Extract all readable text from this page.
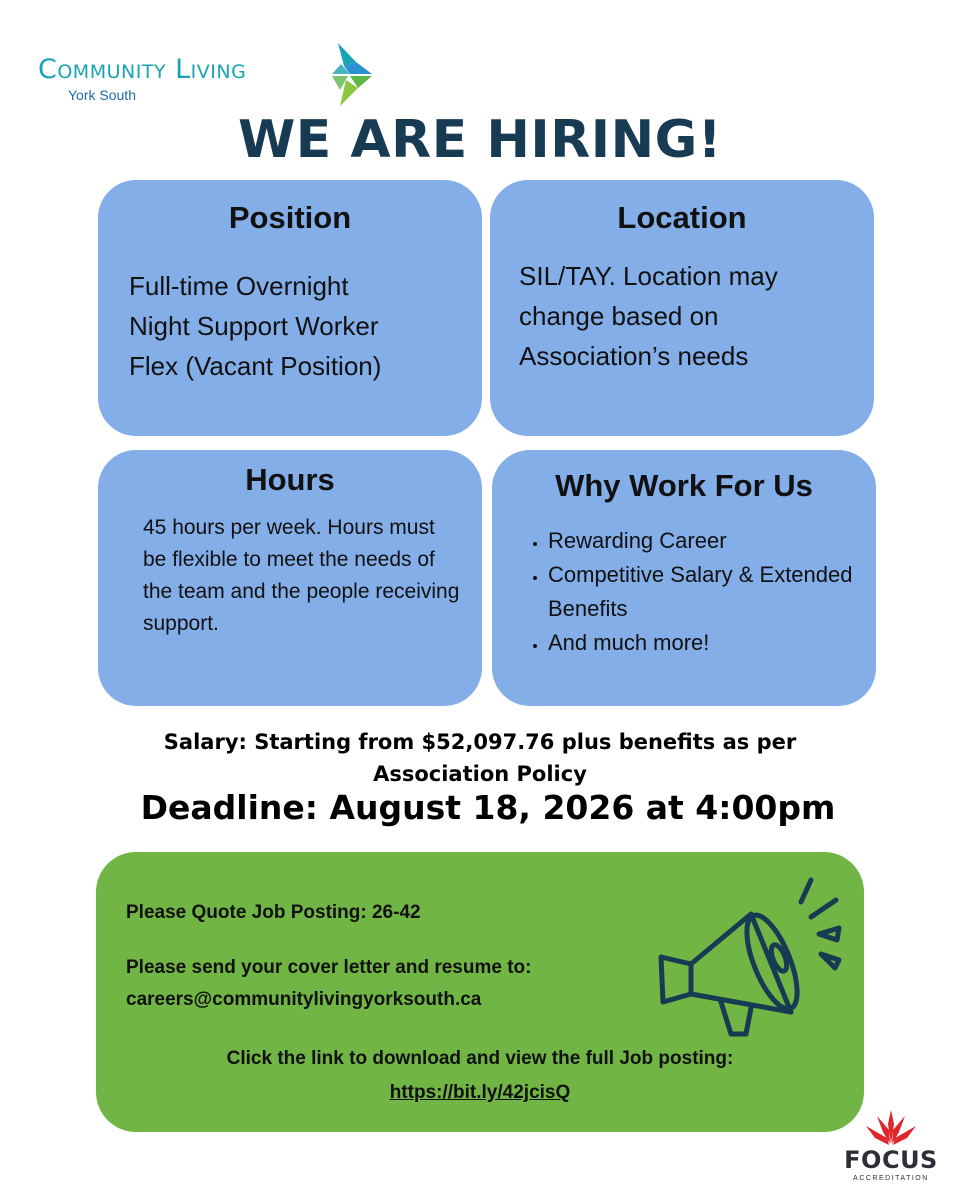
Community Living
York South
WE ARE HIRING!
Position
Full-time Overnight
Night Support Worker
Flex (Vacant Position)
Location
SIL/TAY. Location may change based on Association’s needs
Hours
45 hours per week. Hours must be flexible to meet the needs of the team and the people receiving support.
Why Work For Us
• Rewarding Career
• Competitive Salary & Extended Benefits
• And much more!
Salary: Starting from $52,097.76 plus benefits as per Association Policy
Deadline: August 18, 2026 at 4:00pm
Please Quote Job Posting: 26-42
Please send your cover letter and resume to:
careers@communitylivingyorksouth.ca
Click the link to download and view the full Job posting:
https://bit.ly/42jcisQ
FOCUS
ACCREDITATION
